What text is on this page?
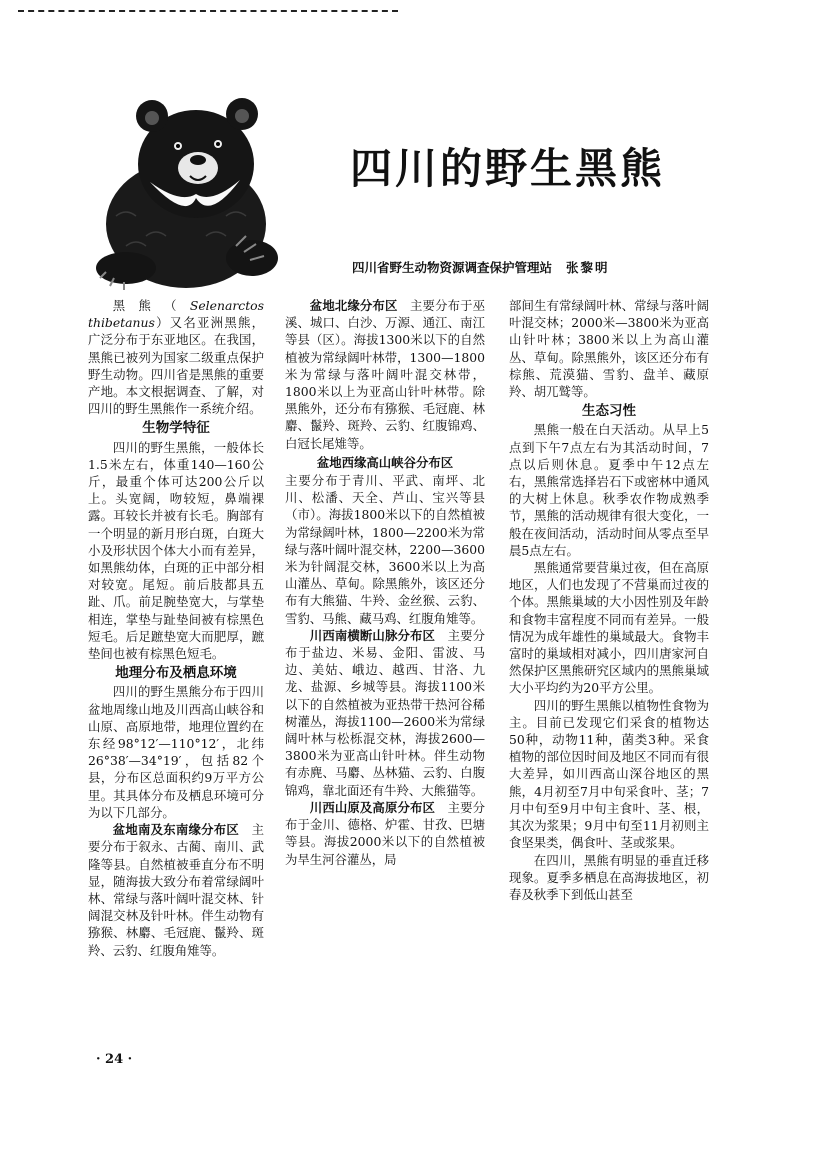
四川的野生黑熊
四川省野生动物资源调查保护管理站 张黎明

黑熊（Selenarctos thibetanus）又名亚洲黑熊，广泛分布于东亚地区。在我国，黑熊已被列为国家二级重点保护野生动物。四川省是黑熊的重要产地。本文根据调查、了解，对四川的野生黑熊作一系统介绍。

生物学特征

四川的野生黑熊，一般体长1.5米左右，体重140—160公斤，最重个体可达200公斤以上。头宽阔，吻较短，鼻端裸露。耳较长并被有长毛。胸部有一个明显的新月形白斑，白斑大小及形状因个体大小而有差异，如黑熊幼体，白斑的正中部分相对较宽。尾短。前后肢都具五趾、爪。前足腕垫宽大，与掌垫相连，掌垫与趾垫间被有棕黑色短毛。后足蹠垫宽大而肥厚，蹠垫间也被有棕黑色短毛。

地理分布及栖息环境

四川的野生黑熊分布于四川盆地周缘山地及川西高山峡谷和山原、高原地带，地理位置约在东经98°12′—110°12′，北纬26°38′—34°19′，包括82个县，分布区总面积约9万平方公里。其具体分布及栖息环境可分为以下几部分。

盆地南及东南缘分布区　 主要分布于叙永、古蔺、南川、武隆等县。自然植被垂直分布不明显，随海拔大致分布着常绿阔叶林、常绿与落叶阔叶混交林、针阔混交林及针叶林。伴生动物有猕猴、林麝、毛冠鹿、鬣羚、斑羚、云豹、红腹角雉等。

盆地北缘分布区　 主要分布于巫溪、城口、白沙、万源、通江、南江等县（区）。海拔1300米以下的自然植被为常绿阔叶林带，1300—1800米为常绿与落叶阔叶混交林带，1800米以上为亚高山针叶林带。除黑熊外，还分布有猕猴、毛冠鹿、林麝、鬣羚、斑羚、云豹、红腹锦鸡、白冠长尾雉等。

盆地西缘高山峡谷分布区

主要分布于青川、平武、南坪、北川、松潘、天全、芦山、宝兴等县（市）。海拔1800米以下的自然植被为常绿阔叶林，1800—2200米为常绿与落叶阔叶混交林，2200—3600米为针阔混交林，3600米以上为高山灌丛、草甸。除黑熊外，该区还分布有大熊猫、牛羚、金丝猴、云豹、雪豹、马熊、藏马鸡、红腹角雉等。

川西南横断山脉分布区　 主要分布于盐边、米易、金阳、雷波、马边、美姑、峨边、越西、甘洛、九龙、盐源、乡城等县。海拔1100米以下的自然植被为亚热带干热河谷稀树灌丛，海拔1100—2600米为常绿阔叶林与松栎混交林，海拔2600—3800米为亚高山针叶林。伴生动物有赤麂、马麝、丛林猫、云豹、白腹锦鸡，靠北面还有牛羚、大熊猫等。

川西山原及高原分布区　 主要分布于金川、德格、炉霍、甘孜、巴塘等县。海拔2000米以下的自然植被为旱生河谷灌丛，局

部间生有常绿阔叶林、常绿与落叶阔叶混交林；2000米—3800米为亚高山针叶林；3800米以上为高山灌丛、草甸。除黑熊外，该区还分布有棕熊、荒漠猫、雪豹、盘羊、藏原羚、胡兀鹫等。

生态习性

黑熊一般在白天活动。从早上5点到下午7点左右为其活动时间，7点以后则休息。夏季中午12点左右，黑熊常选择岩石下或密林中通风的大树上休息。秋季农作物成熟季节，黑熊的活动规律有很大变化，一般在夜间活动，活动时间从零点至早晨5点左右。

黑熊通常要营巢过夜，但在高原地区，人们也发现了不营巢而过夜的个体。黑熊巢域的大小因性别及年龄和食物丰富程度不同而有差异。一般情况为成年雄性的巢域最大。食物丰富时的巢域相对减小，四川唐家河自然保护区黑熊研究区域内的黑熊巢域大小平均约为20平方公里。

四川的野生黑熊以植物性食物为主。目前已发现它们采食的植物达50种，动物11种，菌类3种。采食植物的部位因时间及地区不同而有很大差异，如川西高山深谷地区的黑熊，4月初至7月中旬采食叶、茎；7月中旬至9月中旬主食叶、茎、根，其次为浆果；9月中旬至11月初则主食坚果类，偶食叶、茎或浆果。

在四川，黑熊有明显的垂直迁移现象。夏季多栖息在高海拔地区，初春及秋季下到低山甚至

· 24 ·
